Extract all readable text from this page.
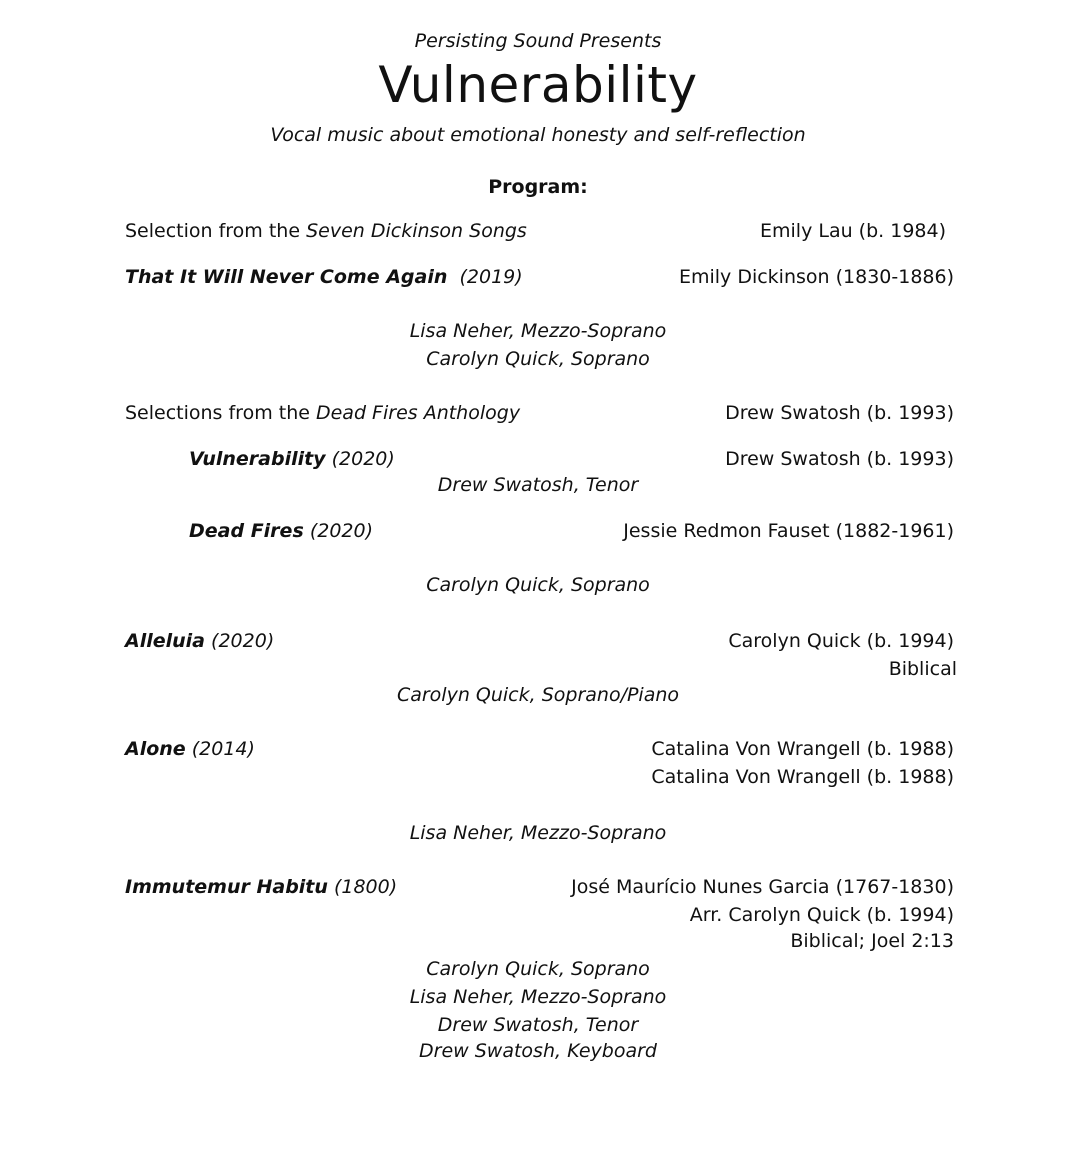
Persisting Sound Presents
Vulnerability
Vocal music about emotional honesty and self-reflection
Program:
Selection from the Seven Dickinson Songs	Emily Lau (b. 1984)
That It Will Never Come Again (2019)	Emily Dickinson (1830-1886)
Lisa Neher, Mezzo-Soprano
Carolyn Quick, Soprano
Selections from the Dead Fires Anthology	Drew Swatosh (b. 1993)
Vulnerability (2020)	Drew Swatosh (b. 1993)
Drew Swatosh, Tenor
Dead Fires (2020)	Jessie Redmon Fauset (1882-1961)
Carolyn Quick, Soprano
Alleluia (2020)	Carolyn Quick (b. 1994)
Biblical
Carolyn Quick, Soprano/Piano
Alone (2014)	Catalina Von Wrangell (b. 1988)
Catalina Von Wrangell (b. 1988)
Lisa Neher, Mezzo-Soprano
Immutemur Habitu (1800)	José Maurício Nunes Garcia (1767-1830)
Arr. Carolyn Quick (b. 1994)
Biblical; Joel 2:13
Carolyn Quick, Soprano
Lisa Neher, Mezzo-Soprano
Drew Swatosh, Tenor
Drew Swatosh, Keyboard
